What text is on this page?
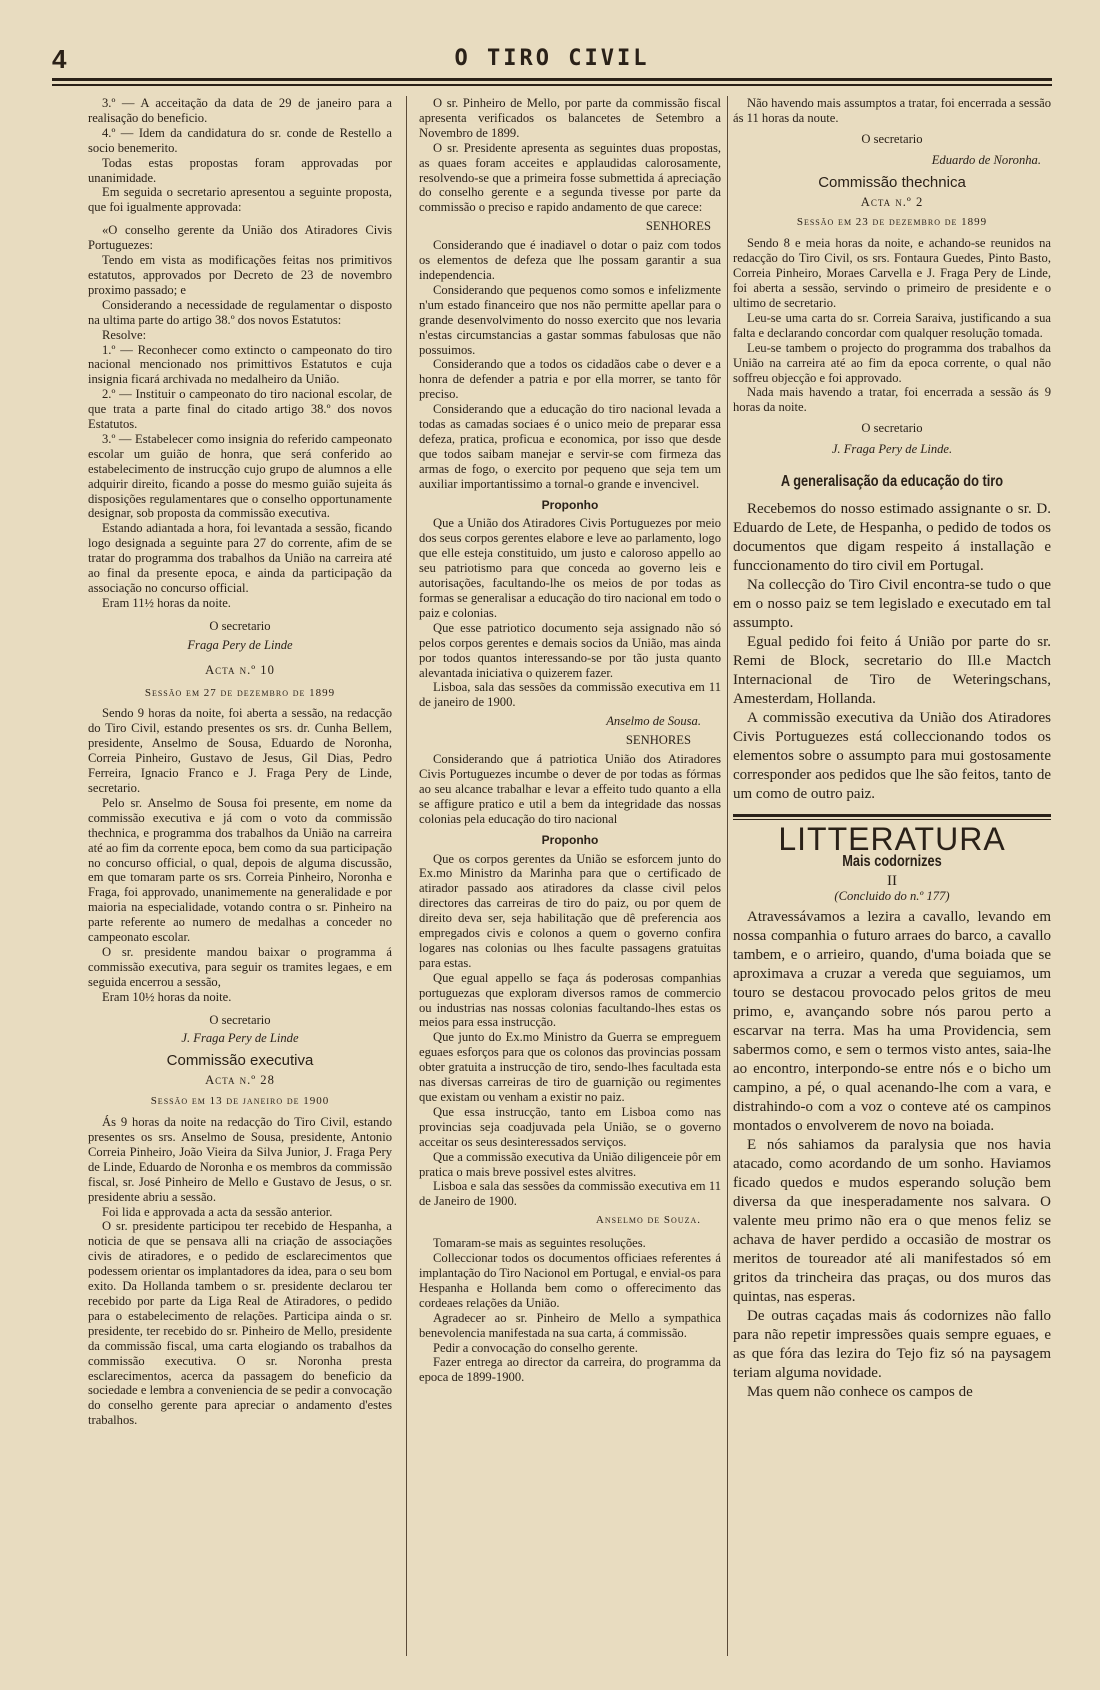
4	O TIRO CIVIL

3.º — A acceitação da data de 29 de janeiro para a realisação do beneficio.

4.º — Idem da candidatura do sr. conde de Restello a socio benemerito.

Todas estas propostas foram approvadas por unanimidade.

Em seguida o secretario apresentou a seguinte proposta, que foi igualmente approvada:

«O conselho gerente da União dos Atiradores Civis Portuguezes:

Tendo em vista as modificações feitas nos primitivos estatutos, approvados por Decreto de 23 de novembro proximo passado; e

Considerando a necessidade de regulamentar o disposto na ultima parte do artigo 38.º dos novos Estatutos:

Resolve:

1.º — Reconhecer como extincto o campeonato do tiro nacional mencionado nos primittivos Estatutos e cuja insignia ficará archivada no medalheiro da União.

2.º — Instituir o campeonato do tiro nacional escolar, de que trata a parte final do citado artigo 38.º dos novos Estatutos.

3.º — Estabelecer como insignia do referido campeonato escolar um guião de honra, que será conferido ao estabelecimento de instrucção cujo grupo de alumnos a elle adquirir direito, ficando a posse do mesmo guião sujeita ás disposições regulamentares que o conselho opportunamente designar, sob proposta da commissão executiva.

Estando adiantada a hora, foi levantada a sessão, ficando logo designada a seguinte para 27 do corrente, afim de se tratar do programma dos trabalhos da União na carreira até ao final da presente epoca, e ainda da participação da associação no concurso official.

Eram 11½ horas da noite.

O secretario

Fraga Pery de Linde

Acta n.º 10

Sessão em 27 de dezembro de 1899

Sendo 9 horas da noite, foi aberta a sessão, na redacção do Tiro Civil, estando presentes os srs. dr. Cunha Bellem, presidente, Anselmo de Sousa, Eduardo de Noronha, Correia Pinheiro, Gustavo de Jesus, Gil Dias, Pedro Ferreira, Ignacio Franco e J. Fraga Pery de Linde, secretario.

Pelo sr. Anselmo de Sousa foi presente, em nome da commissão executiva e já com o voto da commissão thechnica, e programma dos trabalhos da União na carreira até ao fim da corrente epoca, bem como da sua participação no concurso official, o qual, depois de alguma discussão, em que tomaram parte os srs. Correia Pinheiro, Noronha e Fraga, foi approvado, unanimemente na generalidade e por maioria na especialidade, votando contra o sr. Pinheiro na parte referente ao numero de medalhas a conceder no campeonato escolar.

O sr. presidente mandou baixar o programma á commissão executiva, para seguir os tramites legaes, e em seguida encerrou a sessão,

Eram 10½ horas da noite.

O secretario

J. Fraga Pery de Linde

Commissão executiva

Acta n.º 28

Sessão em 13 de janeiro de 1900

Ás 9 horas da noite na redacção do Tiro Civil, estando presentes os srs. Anselmo de Sousa, presidente, Antonio Correia Pinheiro, João Vieira da Silva Junior, J. Fraga Pery de Linde, Eduardo de Noronha e os membros da commissão fiscal, sr. José Pinheiro de Mello e Gustavo de Jesus, o sr. presidente abriu a sessão.

Foi lida e approvada a acta da sessão anterior.

O sr. presidente participou ter recebido de Hespanha, a noticia de que se pensava alli na criação de associações civis de atiradores, e o pedido de esclarecimentos que podessem orientar os implantadores da idea, para o seu bom exito. Da Hollanda tambem o sr. presidente declarou ter recebido por parte da Liga Real de Atiradores, o pedido para o estabelecimento de relações. Participa ainda o sr. presidente, ter recebido do sr. Pinheiro de Mello, presidente da commissão fiscal, uma carta elogiando os trabalhos da commissão executiva. O sr. Noronha presta esclarecimentos, acerca da passagem do beneficio da sociedade e lembra a conveniencia de se pedir a convocação do conselho gerente para apreciar o andamento d'estes trabalhos.

O sr. Pinheiro de Mello, por parte da commissão fiscal apresenta verificados os balancetes de Setembro a Novembro de 1899.

O sr. Presidente apresenta as seguintes duas propostas, as quaes foram acceites e applaudidas calorosamente, resolvendo-se que a primeira fosse submettida á apreciação do conselho gerente e a segunda tivesse por parte da commissão o preciso e rapido andamento de que carece:

SENHORES

Considerando que é inadiavel o dotar o paiz com todos os elementos de defeza que lhe possam garantir a sua independencia.

Considerando que pequenos como somos e infelizmente n'um estado financeiro que nos não permitte apellar para o grande desenvolvimento do nosso exercito que nos levaria n'estas circumstancias a gastar sommas fabulosas que não possuimos.

Considerando que a todos os cidadãos cabe o dever e a honra de defender a patria e por ella morrer, se tanto fôr preciso.

Considerando que a educação do tiro nacional levada a todas as camadas sociaes é o unico meio de preparar essa defeza, pratica, proficua e economica, por isso que desde que todos saibam manejar e servir-se com firmeza das armas de fogo, o exercito por pequeno que seja tem um auxiliar importantissimo a tornal-o grande e invencivel.

Proponho

Que a União dos Atiradores Civis Portuguezes por meio dos seus corpos gerentes elabore e leve ao parlamento, logo que elle esteja constituido, um justo e caloroso appello ao seu patriotismo para que conceda ao governo leis e autorisações, facultando-lhe os meios de por todas as formas se generalisar a educação do tiro nacional em todo o paiz e colonias.

Que esse patriotico documento seja assignado não só pelos corpos gerentes e demais socios da União, mas ainda por todos quantos interessando-se por tão justa quanto alevantada iniciativa o quizerem fazer.

Lisboa, sala das sessões da commissão executiva em 11 de janeiro de 1900.

Anselmo de Sousa.

SENHORES

Considerando que á patriotica União dos Atiradores Civis Portuguezes incumbe o dever de por todas as fórmas ao seu alcance trabalhar e levar a effeito tudo quanto a ella se affigure pratico e util a bem da integridade das nossas colonias pela educação do tiro nacional

Proponho

Que os corpos gerentes da União se esforcem junto do Ex.mo Ministro da Marinha para que o certificado de atirador passado aos atiradores da classe civil pelos directores das carreiras de tiro do paiz, ou por quem de direito deva ser, seja habilitação que dê preferencia aos empregados civis e colonos a quem o governo confira logares nas colonias ou lhes faculte passagens gratuitas para estas.

Que egual appello se faça ás poderosas companhias portuguezas que exploram diversos ramos de commercio ou industrias nas nossas colonias facultando-lhes estas os meios para essa instrucção.

Que junto do Ex.mo Ministro da Guerra se empreguem eguaes esforços para que os colonos das provincias possam obter gratuita a instrucção de tiro, sendo-lhes facultada esta nas diversas carreiras de tiro de guarnição ou regimentes que existam ou venham a existir no paiz.

Que essa instrucção, tanto em Lisboa como nas provincias seja coadjuvada pela União, se o governo acceitar os seus desinteressados serviços.

Que a commissão executiva da União diligenceie pôr em pratica o mais breve possivel estes alvitres.

Lisboa e sala das sessões da commissão executiva em 11 de Janeiro de 1900.

Anselmo de Souza.

Tomaram-se mais as seguintes resoluções.

Colleccionar todos os documentos officiaes referentes á implantação do Tiro Nacionol em Portugal, e envial-os para Hespanha e Hollanda bem como o offerecimento das cordeaes relações da União.

Agradecer ao sr. Pinheiro de Mello a sympathica benevolencia manifestada na sua carta, á commissão.

Pedir a convocação do conselho gerente.

Fazer entrega ao director da carreira, do programma da epoca de 1899-1900.

Não havendo mais assumptos a tratar, foi encerrada a sessão ás 11 horas da noute.

O secretario

Eduardo de Noronha.

Commissão thechnica

Acta n.º 2

Sessão em 23 de dezembro de 1899

Sendo 8 e meia horas da noite, e achando-se reunidos na redacção do Tiro Civil, os srs. Fontaura Guedes, Pinto Basto, Correia Pinheiro, Moraes Carvella e J. Fraga Pery de Linde, foi aberta a sessão, servindo o primeiro de presidente e o ultimo de secretario.

Leu-se uma carta do sr. Correia Saraiva, justificando a sua falta e declarando concordar com qualquer resolução tomada.

Leu-se tambem o projecto do programma dos trabalhos da União na carreira até ao fim da epoca corrente, o qual não soffreu objecção e foi approvado.

Nada mais havendo a tratar, foi encerrada a sessão ás 9 horas da noite.

O secretario

J. Fraga Pery de Linde.

A generalisação da educação do tiro

Recebemos do nosso estimado assignante o sr. D. Eduardo de Lete, de Hespanha, o pedido de todos os documentos que digam respeito á installação e funccionamento do tiro civil em Portugal.

Na collecção do Tiro Civil encontra-se tudo o que em o nosso paiz se tem legislado e executado em tal assumpto.

Egual pedido foi feito á União por parte do sr. Remi de Block, secretario do Ill.e Mactch Internacional de Tiro de Weteringschans, Amesterdam, Hollanda.

A commissão executiva da União dos Atiradores Civis Portuguezes está colleccionando todos os elementos sobre o assumpto para mui gostosamente corresponder aos pedidos que lhe são feitos, tanto de um como de outro paiz.

LITTERATURA

Mais codornizes

II

(Concluido do n.º 177)

Atravessávamos a lezira a cavallo, levando em nossa companhia o futuro arraes do barco, a cavallo tambem, e o arrieiro, quando, d'uma boiada que se aproximava a cruzar a vereda que seguiamos, um touro se destacou provocado pelos gritos de meu primo, e, avançando sobre nós parou perto a escarvar na terra. Mas ha uma Providencia, sem sabermos como, e sem o termos visto antes, saia-lhe ao encontro, interpondo-se entre nós e o bicho um campino, a pé, o qual acenando-lhe com a vara, e distrahindo-o com a voz o conteve até os campinos montados o envolverem de novo na boiada.

E nós sahiamos da paralysia que nos havia atacado, como acordando de um sonho. Haviamos ficado quedos e mudos esperando solução bem diversa da que inesperadamente nos salvara. O valente meu primo não era o que menos feliz se achava de haver perdido a occasião de mostrar os meritos de toureador até ali manifestados só em gritos da trincheira das praças, ou dos muros das quintas, nas esperas.

De outras caçadas mais ás codornizes não fallo para não repetir impressões quais sempre eguaes, e as que fóra das lezira do Tejo fiz só na paysagem teriam alguma novidade.

Mas quem não conhece os campos de
